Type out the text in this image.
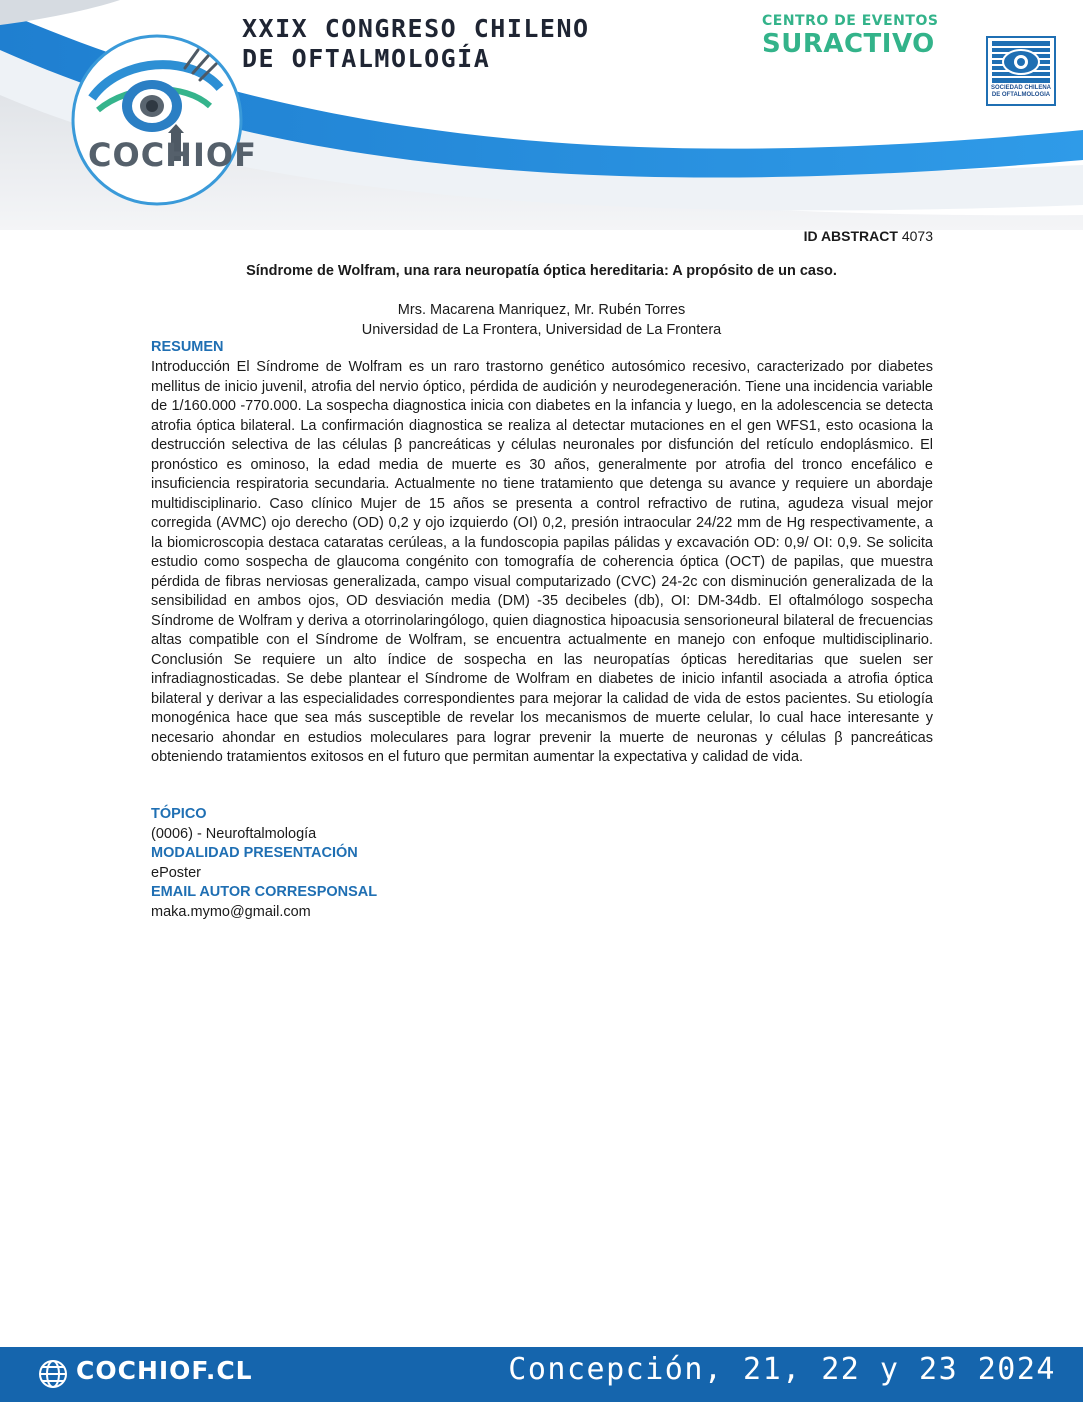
XXIX CONGRESO CHILENO
DE OFTALMOLOGÍA
CENTRO DE EVENTOS
SURACTIVO
COCHIOF
SOCIEDAD CHILENA
DE OFTALMOLOGIA
ID ABSTRACT 4073
Síndrome de Wolfram, una rara neuropatía óptica hereditaria: A propósito de un caso.
Mrs. Macarena Manriquez, Mr. Rubén Torres
Universidad de La Frontera, Universidad de La Frontera
RESUMEN

Introducción El Síndrome de Wolfram es un raro trastorno genético autosómico recesivo, caracterizado por diabetes mellitus de inicio juvenil, atrofia del nervio óptico, pérdida de audición y neurodegeneración. Tiene una incidencia variable de 1/160.000 -770.000. La sospecha diagnostica inicia con diabetes en la infancia y luego, en la adolescencia se detecta atrofia óptica bilateral. La confirmación diagnostica se realiza al detectar mutaciones en el gen WFS1, esto ocasiona la destrucción selectiva de las células β pancreáticas y células neuronales por disfunción del retículo endoplásmico. El pronóstico es ominoso, la edad media de muerte es 30 años, generalmente por atrofia del tronco encefálico e insuficiencia respiratoria secundaria. Actualmente no tiene tratamiento que detenga su avance y requiere un abordaje multidisciplinario. Caso clínico Mujer de 15 años se presenta a control refractivo de rutina, agudeza visual mejor corregida (AVMC) ojo derecho (OD) 0,2 y ojo izquierdo (OI) 0,2, presión intraocular 24/22 mm de Hg respectivamente, a la biomicroscopia destaca cataratas cerúleas, a la fundoscopia papilas pálidas y excavación OD: 0,9/ OI: 0,9. Se solicita estudio como sospecha de glaucoma congénito con tomografía de coherencia óptica (OCT) de papilas, que muestra pérdida de fibras nerviosas generalizada, campo visual computarizado (CVC) 24-2c con disminución generalizada de la sensibilidad en ambos ojos, OD desviación media (DM) -35 decibeles (db), OI: DM-34db. El oftalmólogo sospecha Síndrome de Wolfram y deriva a otorrinolaringólogo, quien diagnostica hipoacusia sensorioneural bilateral de frecuencias altas compatible con el Síndrome de Wolfram, se encuentra actualmente en manejo con enfoque multidisciplinario. Conclusión Se requiere un alto índice de sospecha en las neuropatías ópticas hereditarias que suelen ser infradiagnosticadas. Se debe plantear el Síndrome de Wolfram en diabetes de inicio infantil asociada a atrofia óptica bilateral y derivar a las especialidades correspondientes para mejorar la calidad de vida de estos pacientes. Su etiología monogénica hace que sea más susceptible de revelar los mecanismos de muerte celular, lo cual hace interesante y necesario ahondar en estudios moleculares para lograr prevenir la muerte de neuronas y células β pancreáticas obteniendo tratamientos exitosos en el futuro que permitan aumentar la expectativa y calidad de vida.

TÓPICO

(0006) - Neuroftalmología

MODALIDAD PRESENTACIÓN

ePoster

EMAIL AUTOR CORRESPONSAL

maka.mymo@gmail.com

COCHIOF.CL	Concepción, 21, 22 y 23 2024
